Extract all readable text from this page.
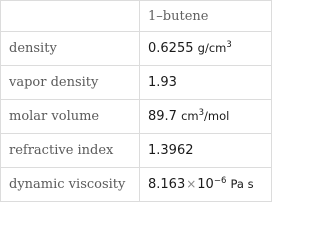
	1–butene
density	0.6255 $g/cm^3$
vapor density	1.93
molar volume	89.7 $cm^3$/mol
refractive index	1.3962
dynamic viscosity	$8.163\times 10^{-6}$ Pa s
